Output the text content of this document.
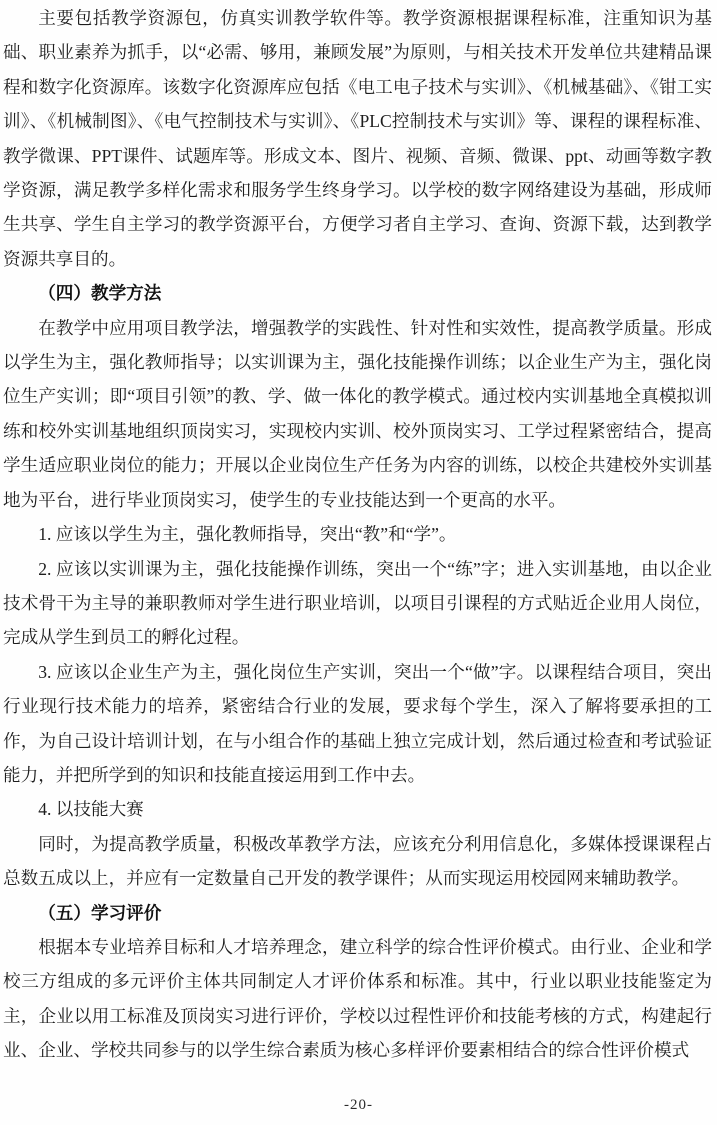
主要包括教学资源包，仿真实训教学软件等。教学资源根据课程标准，注重知识为基础、职业素养为抓手，以“必需、够用，兼顾发展”为原则，与相关技术开发单位共建精品课程和数字化资源库。该数字化资源库应包括《电工电子技术与实训》、《机械基础》、《钳工实训》、《机械制图》、《电气控制技术与实训》、《PLC控制技术与实训》等、课程的课程标准、教学微课、PPT课件、试题库等。形成文本、图片、视频、音频、微课、ppt、动画等数字教学资源，满足教学多样化需求和服务学生终身学习。以学校的数字网络建设为基础，形成师生共享、学生自主学习的教学资源平台，方便学习者自主学习、查询、资源下载，达到教学资源共享目的。

（四）教学方法

在教学中应用项目教学法，增强教学的实践性、针对性和实效性，提高教学质量。形成以学生为主，强化教师指导；以实训课为主，强化技能操作训练；以企业生产为主，强化岗位生产实训；即“项目引领”的教、学、做一体化的教学模式。通过校内实训基地全真模拟训练和校外实训基地组织顶岗实习，实现校内实训、校外顶岗实习、工学过程紧密结合，提高学生适应职业岗位的能力；开展以企业岗位生产任务为内容的训练，以校企共建校外实训基地为平台，进行毕业顶岗实习，使学生的专业技能达到一个更高的水平。

1. 应该以学生为主，强化教师指导，突出“教”和“学”。

2. 应该以实训课为主，强化技能操作训练，突出一个“练”字；进入实训基地，由以企业技术骨干为主导的兼职教师对学生进行职业培训，以项目引课程的方式贴近企业用人岗位，完成从学生到员工的孵化过程。

3. 应该以企业生产为主，强化岗位生产实训，突出一个“做”字。以课程结合项目，突出行业现行技术能力的培养，紧密结合行业的发展，要求每个学生，深入了解将要承担的工作，为自己设计培训计划，在与小组合作的基础上独立完成计划，然后通过检查和考试验证能力，并把所学到的知识和技能直接运用到工作中去。

4. 以技能大赛

同时，为提高教学质量，积极改革教学方法，应该充分利用信息化，多媒体授课课程占总数五成以上，并应有一定数量自己开发的教学课件；从而实现运用校园网来辅助教学。

（五）学习评价

根据本专业培养目标和人才培养理念，建立科学的综合性评价模式。由行业、企业和学校三方组成的多元评价主体共同制定人才评价体系和标准。其中，行业以职业技能鉴定为主，企业以用工标准及顶岗实习进行评价，学校以过程性评价和技能考核的方式，构建起行业、企业、学校共同参与的以学生综合素质为核心多样评价要素相结合的综合性评价模式

-20-
